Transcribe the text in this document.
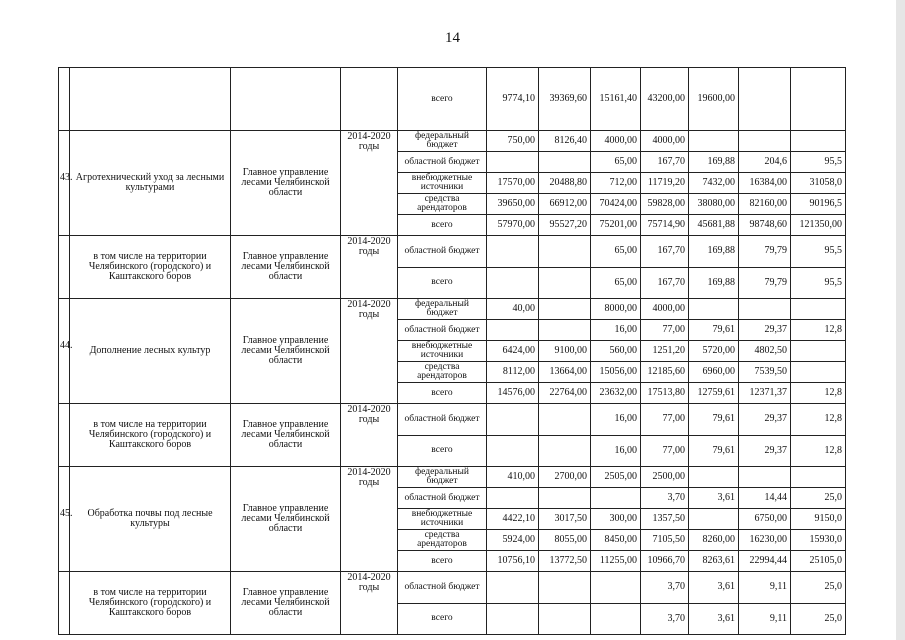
14
				всего	9774,10	39369,60	15161,40	43200,00	19600,00		
43.	Агротехнический уход за лесными культурами	Главное управление лесами Челябинской области	2014-2020 годы	федеральный бюджет	750,00	8126,40	4000,00	4000,00			
				областной бюджет			65,00	167,70	169,88	204,6	95,5
				внебюджетные источники	17570,00	20488,80	712,00	11719,20	7432,00	16384,00	31058,0
				средства арендаторов	39650,00	66912,00	70424,00	59828,00	38080,00	82160,00	90196,5
				всего	57970,00	95527,20	75201,00	75714,90	45681,88	98748,60	121350,00
	в том числе на территории Челябинского (городского) и Каштакского боров	Главное управление лесами Челябинской области	2014-2020 годы	областной бюджет			65,00	167,70	169,88	79,79	95,5
				всего			65,00	167,70	169,88	79,79	95,5
44.	Дополнение лесных культур	Главное управление лесами Челябинской области	2014-2020 годы	федеральный бюджет	40,00		8000,00	4000,00			
				областной бюджет			16,00	77,00	79,61	29,37	12,8
				внебюджетные источники	6424,00	9100,00	560,00	1251,20	5720,00	4802,50	
				средства арендаторов	8112,00	13664,00	15056,00	12185,60	6960,00	7539,50	
				всего	14576,00	22764,00	23632,00	17513,80	12759,61	12371,37	12,8
	в том числе на территории Челябинского (городского) и Каштакского боров	Главное управление лесами Челябинской области	2014-2020 годы	областной бюджет			16,00	77,00	79,61	29,37	12,8
				всего			16,00	77,00	79,61	29,37	12,8
45.	Обработка почвы под лесные культуры	Главное управление лесами Челябинской области	2014-2020 годы	федеральный бюджет	410,00	2700,00	2505,00	2500,00			
				областной бюджет				3,70	3,61	14,44	25,0
				внебюджетные источники	4422,10	3017,50	300,00	1357,50		6750,00	9150,0
				средства арендаторов	5924,00	8055,00	8450,00	7105,50	8260,00	16230,00	15930,0
				всего	10756,10	13772,50	11255,00	10966,70	8263,61	22994,44	25105,0
	в том числе на территории Челябинского (городского) и Каштакского боров	Главное управление лесами Челябинской области	2014-2020 годы	областной бюджет				3,70	3,61	9,11	25,0
				всего				3,70	3,61	9,11	25,0
